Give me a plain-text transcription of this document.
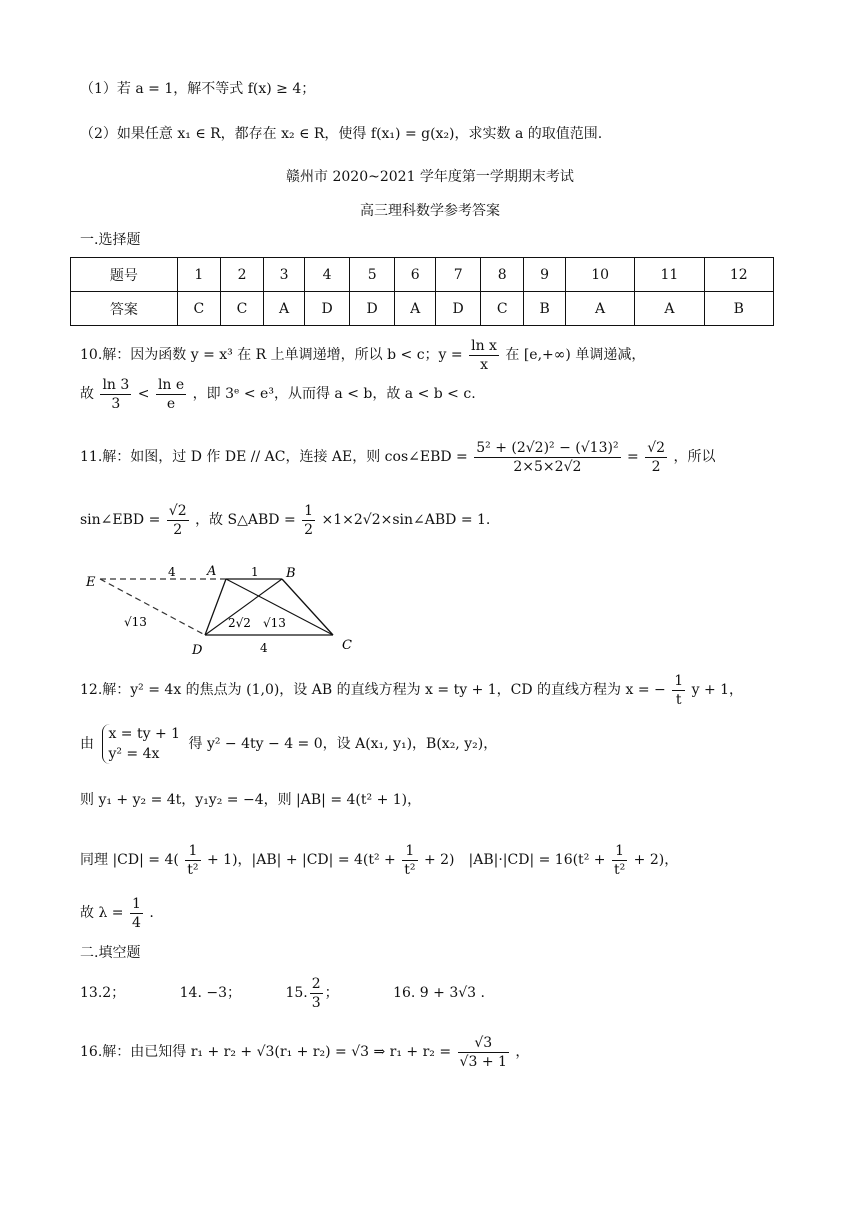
（1）若 a = 1，解不等式 f(x) ≥ 4；
（2）如果任意 x₁ ∈ R，都存在 x₂ ∈ R，使得 f(x₁) = g(x₂)，求实数 a 的取值范围.
赣州市 2020~2021 学年度第一学期期末考试
高三理科数学参考答案
一.选择题
题号	1	2	3	4	5	6	7	8	9	10	11	12
答案	C	C	A	D	D	A	D	C	B	A	A	B
10.解：因为函数 y = x³ 在 R 上单调递增，所以 b < c；$y = \frac{\text{ln x}}{x}$ 在 [e,+∞) 单调递减，
故 $\frac{\ln 3}{3} < \frac{\text{ln e}}{e}$ ，即 3ᵉ < e³，从而得 a < b，故 a < b < c.
11.解：如图，过 D 作 DE // AC，连接 AE，则 cos∠EBD = $\frac{\text{5² + (2√2)² − (√13)²}}{2\times 5\times 2√2} = \frac{√2}{2}$ ，所以
sin∠EBD = $\frac{√2}{2}$ ，故 S△ABD = $\frac{1}{2}$ ×1×2√2×sin∠ABD = 1.
E
A	B
C
D
4	1
4
√13	2√2 √13
12.解：y² = 4x 的焦点为 (1,0)，设 AB 的直线方程为 x = ty + 1，CD 的直线方程为 x = − $\frac{1}{t}$ y + 1，
由
x = ty + 1
y² = 4x
得 y² − 4ty − 4 = 0，设 A(x₁, y₁)，B(x₂, y₂)，
则 y₁ + y₂ = 4t，y₁y₂ = −4，则 |AB| = 4(t² + 1)，
同理 $|CD| = 4( \frac{1}{\text{t²}} + 1)$，$|AB| + |CD| = 4(t^2 + \frac{1}{\text{t²}} + 2)$　$|AB|\cdot|CD| = 16(t^2 + \frac{1}{\text{t²}} + 2)$，
故 $\lambda = \frac{1}{4}$ .
二.填空题
13.2；	14. −3；	15. $\frac{2}{3}$ ；	16. 9 + 3√3 .
16.解：由已知得 r₁ + r₂ + √3(r₁ + r₂) = √3 ⇒ $r_1 + r_2 = \frac{√3}{√3 + 1}$ ，
